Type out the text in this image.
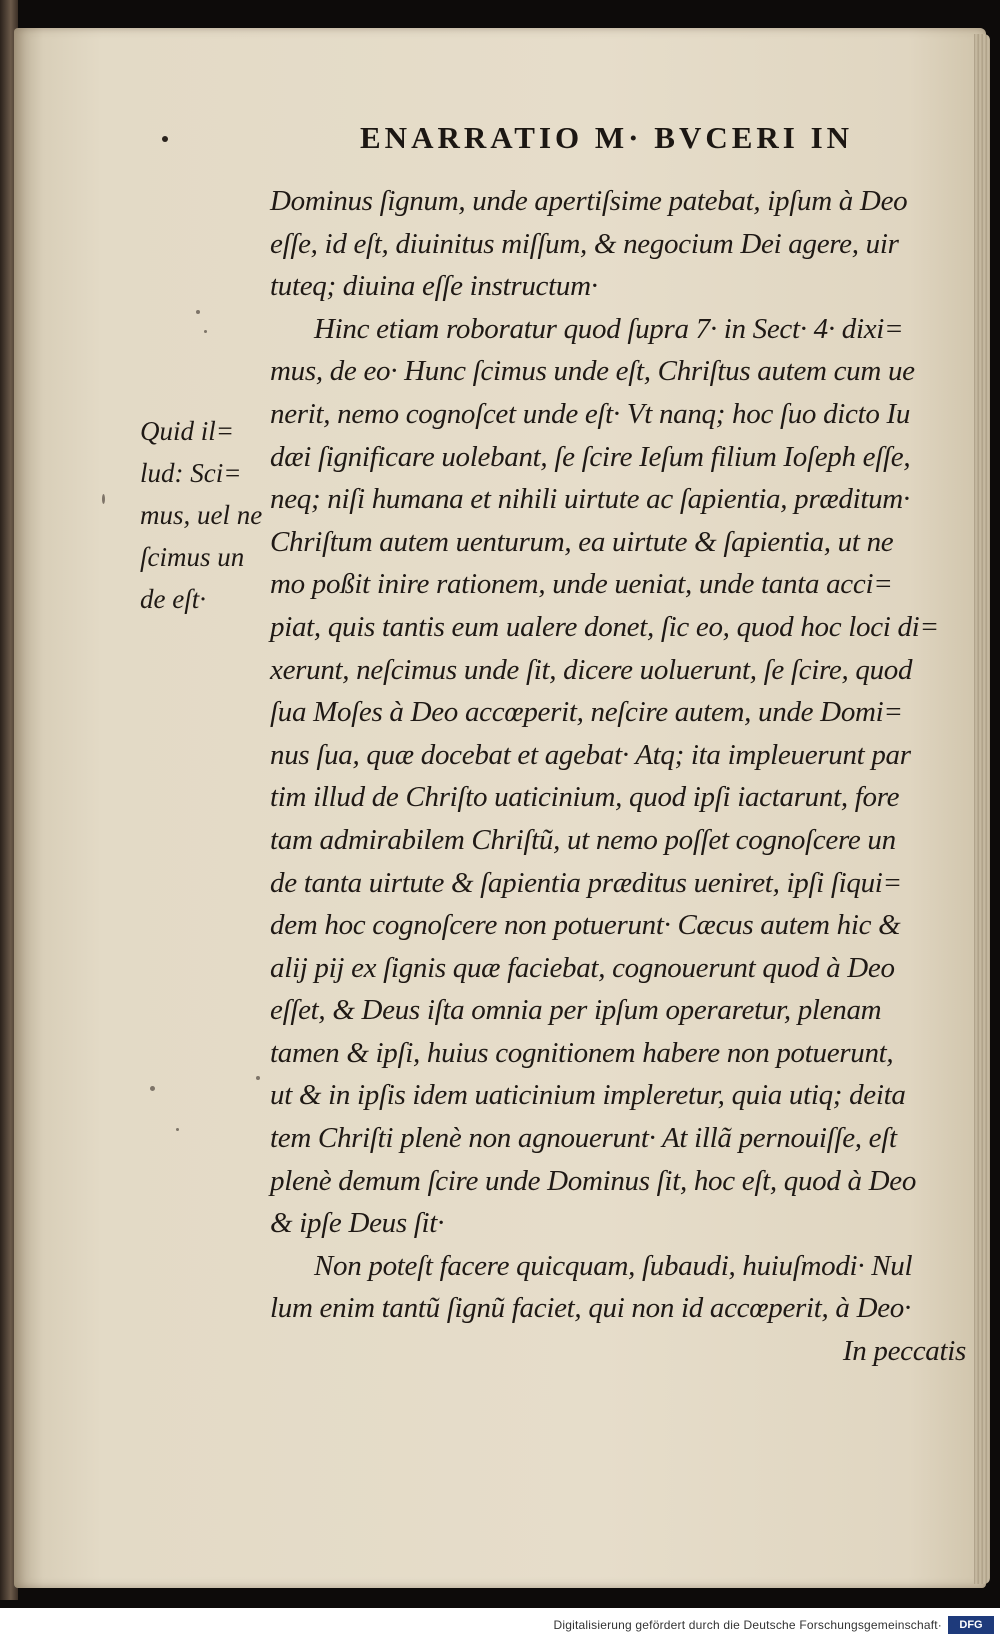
ENARRATIO M· BVCERI IN
Quid il=
lud: Sci=
mus, uel ne
ſcimus un
de eſt·
Dominus ſignum, unde apertiſsime patebat, ipſum à Deo
eſſe, id eſt, diuinitus miſſum, & negocium Dei agere, uir
tuteq; diuina eſſe instructum·
Hinc etiam roboratur quod ſupra 7· in Sect· 4· dixi=
mus, de eo· Hunc ſcimus unde eſt, Chriſtus autem cum ue
nerit, nemo cognoſcet unde eſt· Vt nanq; hoc ſuo dicto Iu
dæi ſignificare uolebant, ſe ſcire Ieſum filium Ioſeph eſſe,
neq; niſi humana et nihili uirtute ac ſapientia, præditum·
Chriſtum autem uenturum, ea uirtute & ſapientia, ut ne
mo poßit inire rationem, unde ueniat, unde tanta acci=
piat, quis tantis eum ualere donet, ſic eo, quod hoc loci di=
xerunt, neſcimus unde ſit, dicere uoluerunt, ſe ſcire, quod
ſua Moſes à Deo accœperit, neſcire autem, unde Domi=
nus ſua, quæ docebat et agebat· Atq; ita impleuerunt par
tim illud de Chriſto uaticinium, quod ipſi iactarunt, fore
tam admirabilem Chriſtũ, ut nemo poſſet cognoſcere un
de tanta uirtute & ſapientia præditus ueniret, ipſi ſiqui=
dem hoc cognoſcere non potuerunt· Cæcus autem hic &
alij pij ex ſignis quæ faciebat, cognouerunt quod à Deo
eſſet, & Deus iſta omnia per ipſum operaretur, plenam
tamen & ipſi, huius cognitionem habere non potuerunt,
ut & in ipſis idem uaticinium impleretur, quia utiq; deita
tem Chriſti plenè non agnouerunt· At illã pernouiſſe, eſt
plenè demum ſcire unde Dominus ſit, hoc eſt, quod à Deo
& ipſe Deus ſit·
Non poteſt facere quicquam, ſubaudi, huiuſmodi· Nul
lum enim tantũ ſignũ faciet, qui non id accœperit, à Deo·
In peccatis
Digitalisierung gefördert durch die Deutsche Forschungsgemeinschaft·	DFG
